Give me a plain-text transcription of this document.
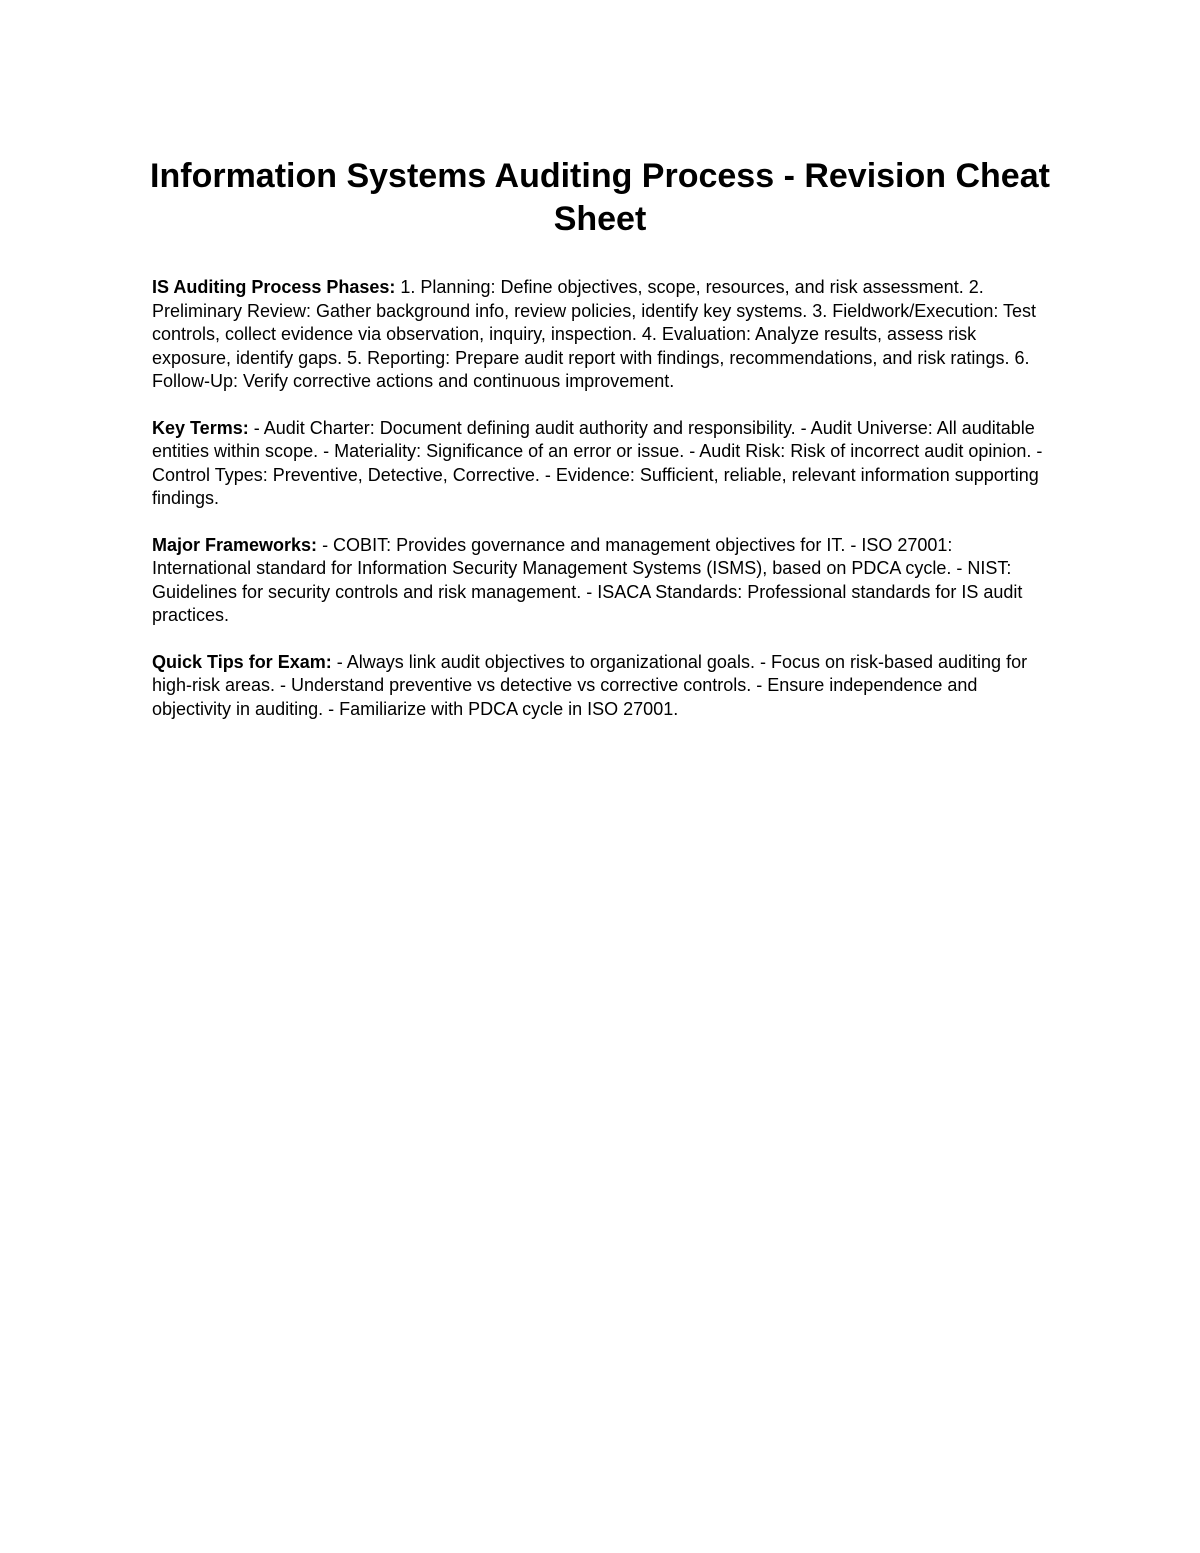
Information Systems Auditing Process - Revision Cheat Sheet

IS Auditing Process Phases: 1. Planning: Define objectives, scope, resources, and risk assessment. 2. Preliminary Review: Gather background info, review policies, identify key systems. 3. Fieldwork/Execution: Test controls, collect evidence via observation, inquiry, inspection. 4. Evaluation: Analyze results, assess risk exposure, identify gaps. 5. Reporting: Prepare audit report with findings, recommendations, and risk ratings. 6. Follow-Up: Verify corrective actions and continuous improvement.

Key Terms: - Audit Charter: Document defining audit authority and responsibility. - Audit Universe: All auditable entities within scope. - Materiality: Significance of an error or issue. - Audit Risk: Risk of incorrect audit opinion. - Control Types: Preventive, Detective, Corrective. - Evidence: Sufficient, reliable, relevant information supporting findings.

Major Frameworks: - COBIT: Provides governance and management objectives for IT. - ISO 27001: International standard for Information Security Management Systems (ISMS), based on PDCA cycle. - NIST: Guidelines for security controls and risk management. - ISACA Standards: Professional standards for IS audit practices.

Quick Tips for Exam: - Always link audit objectives to organizational goals. - Focus on risk-based auditing for high-risk areas. - Understand preventive vs detective vs corrective controls. - Ensure independence and objectivity in auditing. - Familiarize with PDCA cycle in ISO 27001.
